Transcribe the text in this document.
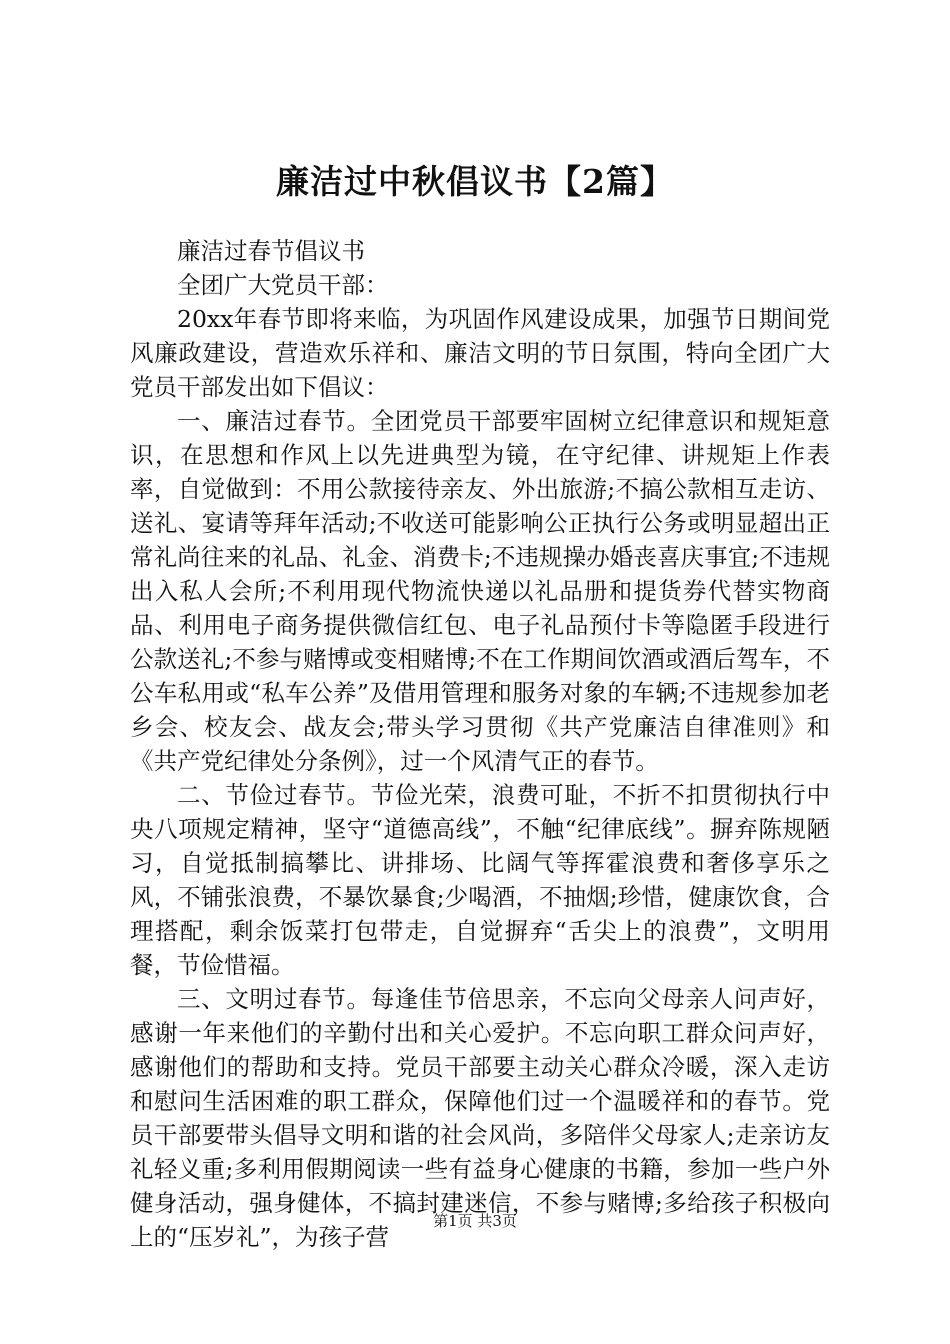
廉洁过中秋倡议书【2篇】

廉洁过春节倡议书

全团广大党员干部：

20xx年春节即将来临，为巩固作风建设成果，加强节日期间党风廉政建设，营造欢乐祥和、廉洁文明的节日氛围，特向全团广大党员干部发出如下倡议：

一、廉洁过春节。全团党员干部要牢固树立纪律意识和规矩意识，在思想和作风上以先进典型为镜，在守纪律、讲规矩上作表率，自觉做到：不用公款接待亲友、外出旅游;不搞公款相互走访、送礼、宴请等拜年活动;不收送可能影响公正执行公务或明显超出正常礼尚往来的礼品、礼金、消费卡;不违规操办婚丧喜庆事宜;不违规出入私人会所;不利用现代物流快递以礼品册和提货券代替实物商品、利用电子商务提供微信红包、电子礼品预付卡等隐匿手段进行公款送礼;不参与赌博或变相赌博;不在工作期间饮酒或酒后驾车，不公车私用或“私车公养”及借用管理和服务对象的车辆;不违规参加老乡会、校友会、战友会;带头学习贯彻《共产党廉洁自律准则》和《共产党纪律处分条例》，过一个风清气正的春节。

二、节俭过春节。节俭光荣，浪费可耻，不折不扣贯彻执行中央八项规定精神，坚守“道德高线”，不触“纪律底线”。摒弃陈规陋习，自觉抵制搞攀比、讲排场、比阔气等挥霍浪费和奢侈享乐之风，不铺张浪费，不暴饮暴食;少喝酒，不抽烟;珍惜，健康饮食，合理搭配，剩余饭菜打包带走，自觉摒弃“舌尖上的浪费”，文明用餐，节俭惜福。

三、文明过春节。每逢佳节倍思亲，不忘向父母亲人问声好，感谢一年来他们的辛勤付出和关心爱护。不忘向职工群众问声好，感谢他们的帮助和支持。党员干部要主动关心群众冷暖，深入走访和慰问生活困难的职工群众，保障他们过一个温暖祥和的春节。党员干部要带头倡导文明和谐的社会风尚，多陪伴父母家人;走亲访友礼轻义重;多利用假期阅读一些有益身心健康的书籍，参加一些户外健身活动，强身健体，不搞封建迷信，不参与赌博;多给孩子积极向上的“压岁礼”，为孩子营

第1页 共3页
